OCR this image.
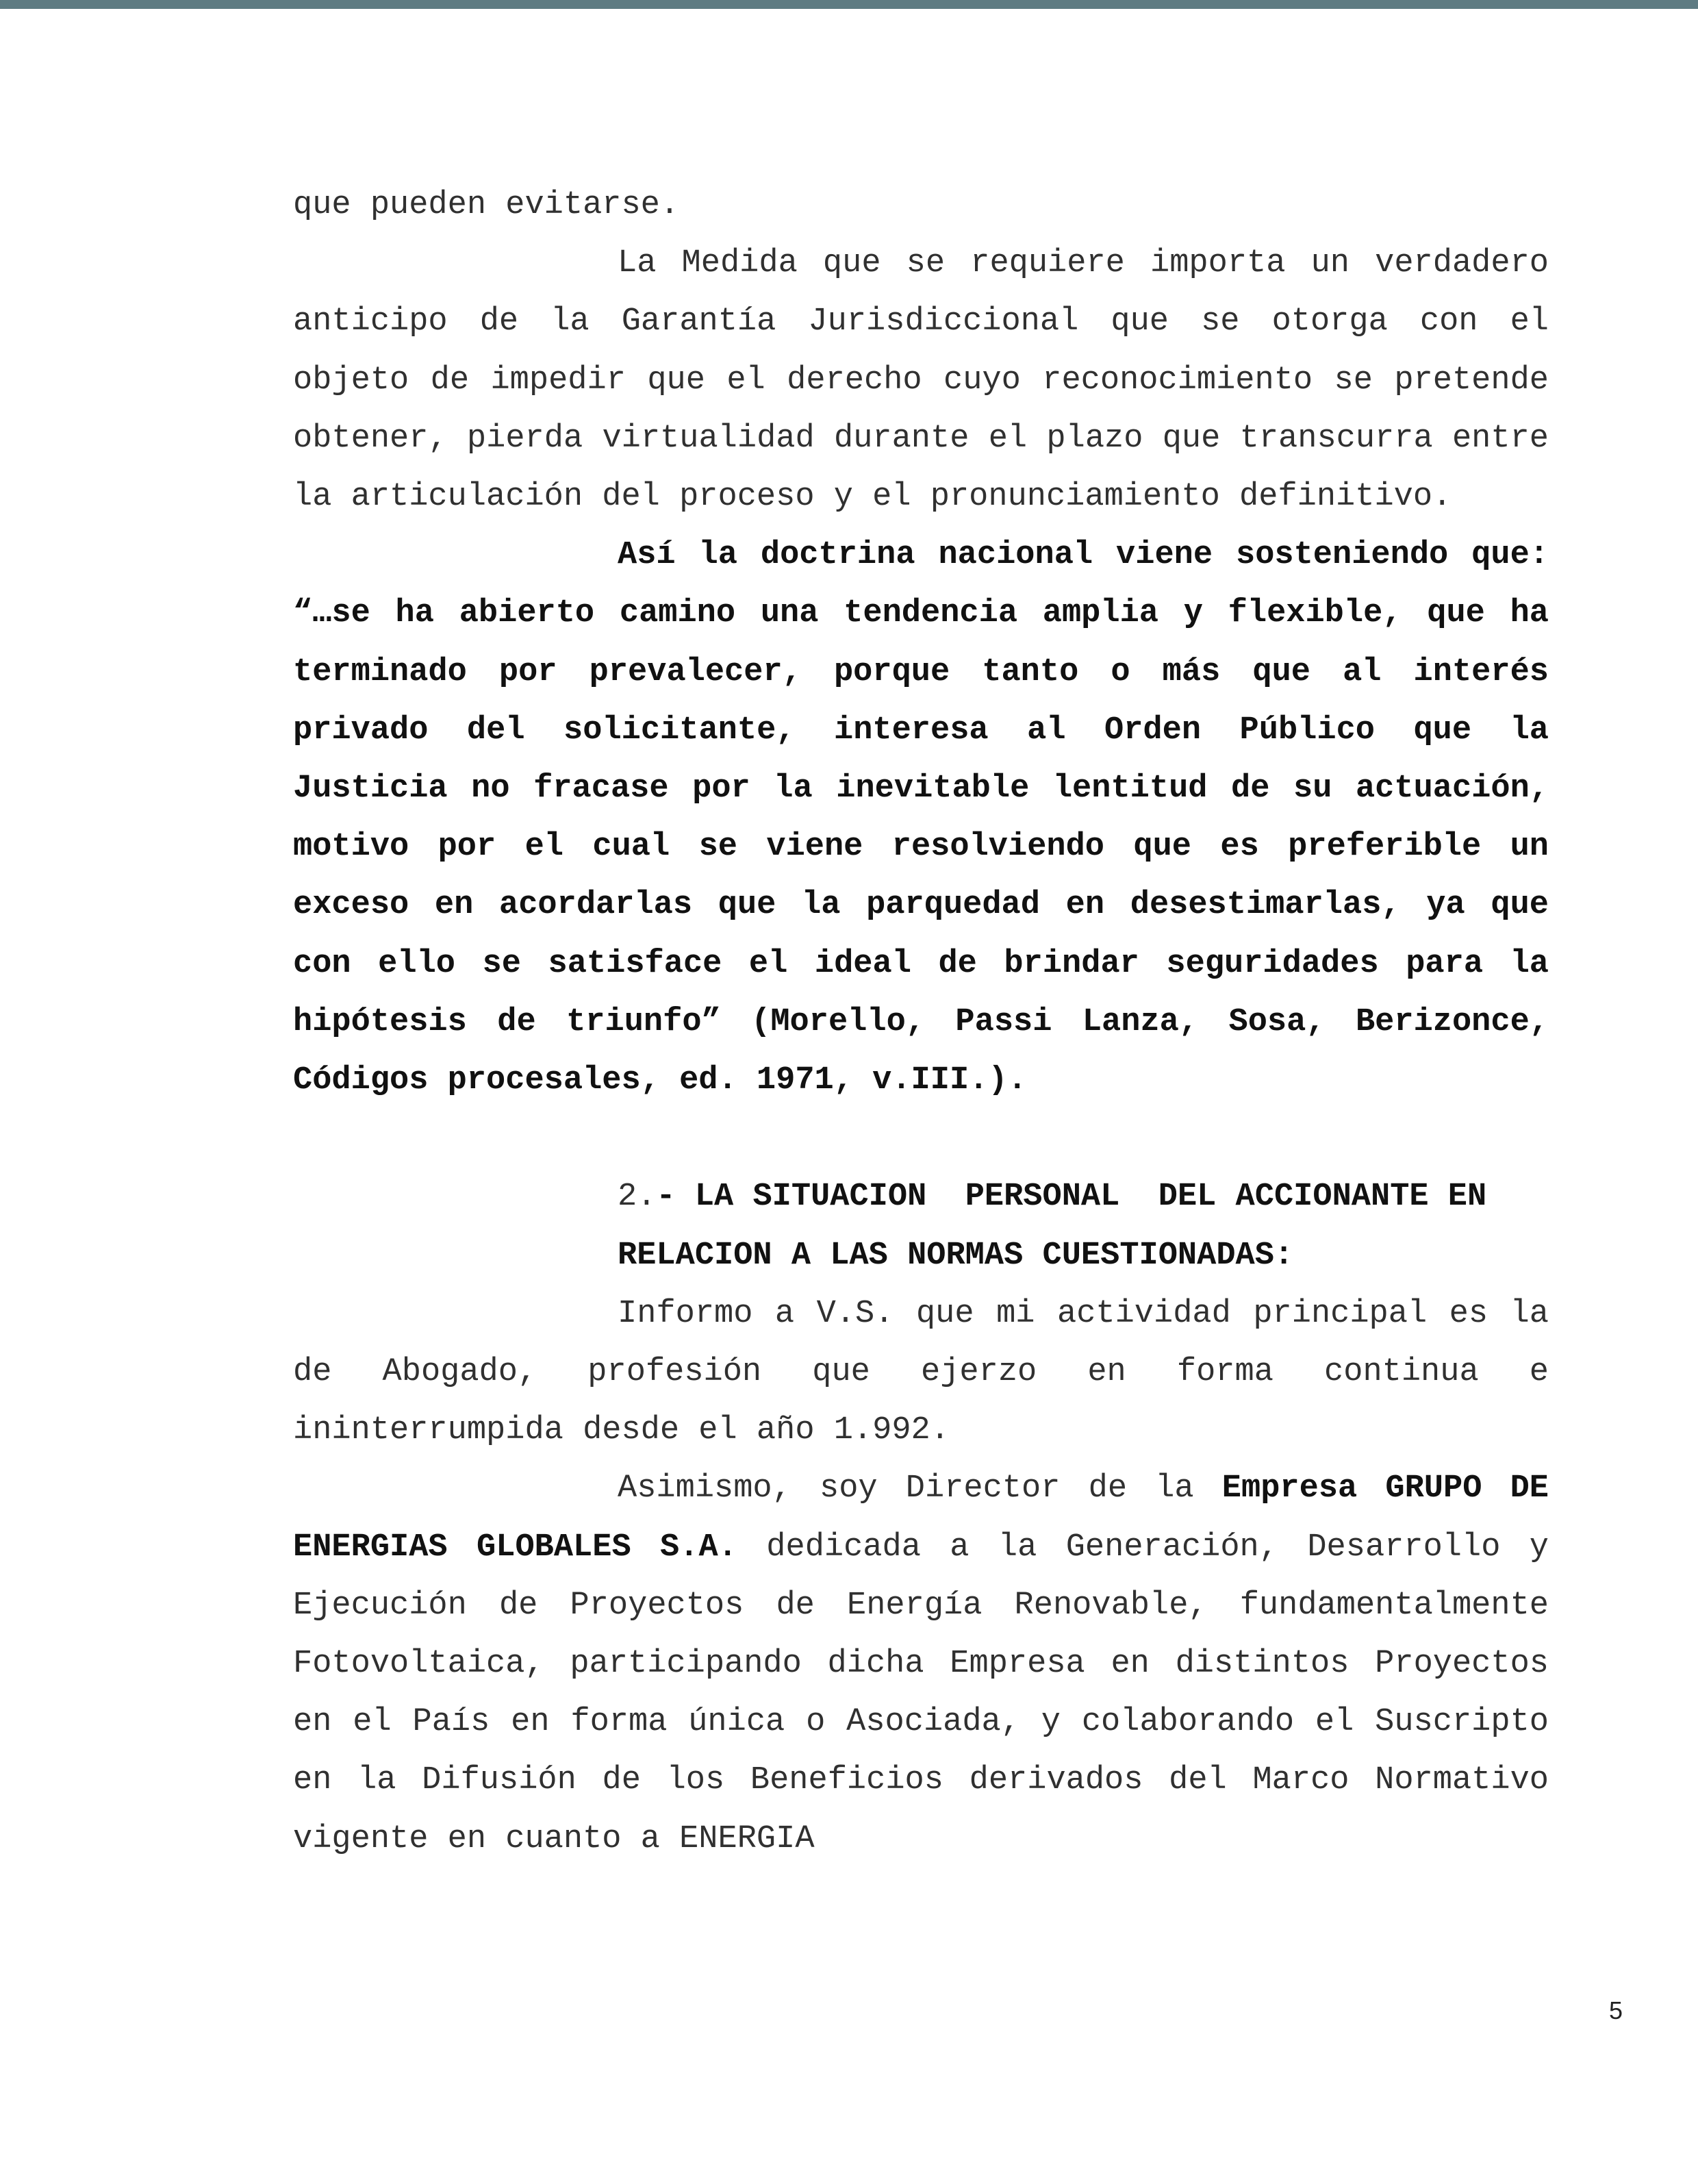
que pueden evitarse.

La Medida que se requiere importa un verdadero anticipo de la Garantía Jurisdiccional que se otorga con el objeto de impedir que el derecho cuyo reconocimiento se pretende obtener, pierda virtualidad durante el plazo que transcurra entre la articulación del proceso y el pronunciamiento definitivo.

Así la doctrina nacional viene sosteniendo que: “…se ha abierto camino una tendencia amplia y flexible, que ha terminado por prevalecer, porque tanto o más que al interés privado del solicitante, interesa al Orden Público que la Justicia no fracase por la inevitable lentitud de su actuación, motivo por el cual se viene resolviendo que es preferible un exceso en acordarlas que la parquedad en desestimarlas, ya que con ello se satisface el ideal de brindar seguridades para la hipótesis de triunfo” (Morello, Passi Lanza, Sosa, Berizonce, Códigos procesales, ed. 1971, v.III.).

2.- LA SITUACION  PERSONAL  DEL ACCIONANTE EN
RELACION A LAS NORMAS CUESTIONADAS:

Informo a V.S. que mi actividad principal es la de Abogado, profesión que ejerzo en forma continua e ininterrumpida desde el año 1.992.

Asimismo, soy Director de la Empresa GRUPO DE ENERGIAS GLOBALES S.A. dedicada a la Generación, Desarrollo y Ejecución de Proyectos de Energía Renovable, fundamentalmente Fotovoltaica, participando dicha Empresa en distintos Proyectos en el País en forma única o Asociada, y colaborando el Suscripto en la Difusión de los Beneficios derivados del Marco Normativo vigente en cuanto a ENERGIA

5
